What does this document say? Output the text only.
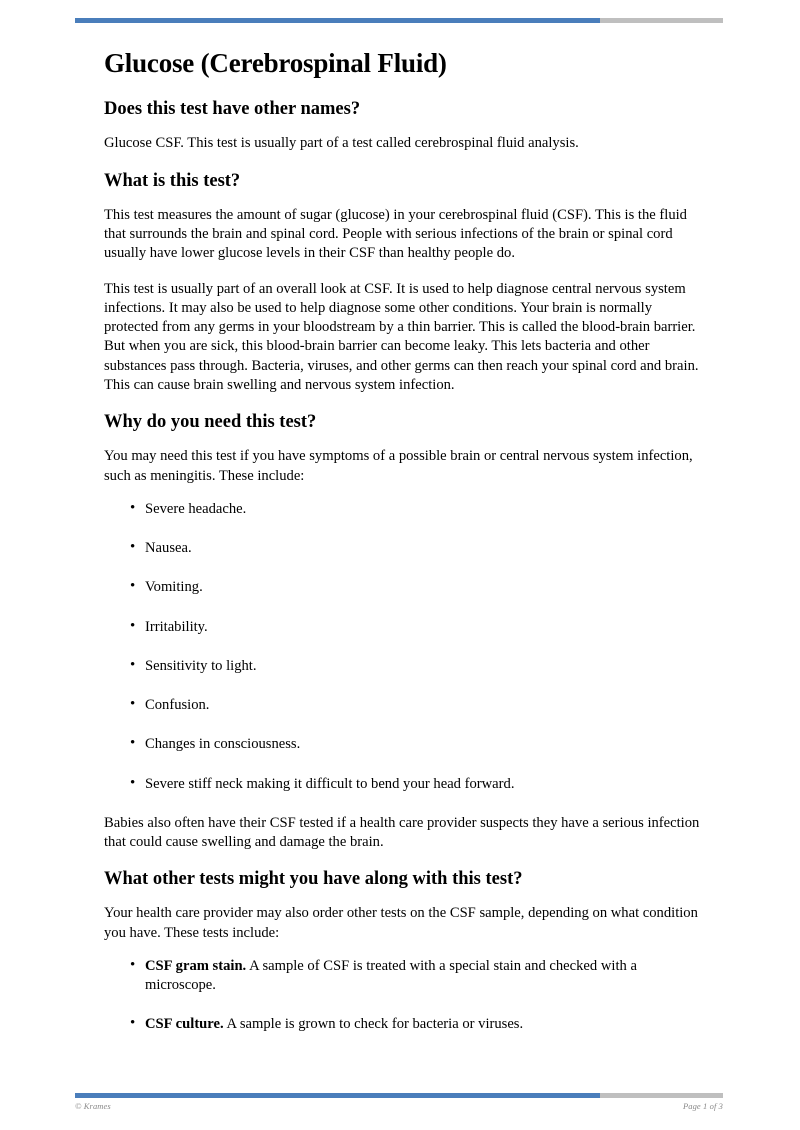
Glucose (Cerebrospinal Fluid)
Does this test have other names?

Glucose CSF. This test is usually part of a test called cerebrospinal fluid analysis.

What is this test?

This test measures the amount of sugar (glucose) in your cerebrospinal fluid (CSF). This is the fluid that surrounds the brain and spinal cord. People with serious infections of the brain or spinal cord usually have lower glucose levels in their CSF than healthy people do.

This test is usually part of an overall look at CSF. It is used to help diagnose central nervous system infections. It may also be used to help diagnose some other conditions. Your brain is normally protected from any germs in your bloodstream by a thin barrier. This is called the blood-brain barrier. But when you are sick, this blood-brain barrier can become leaky. This lets bacteria and other substances pass through. Bacteria, viruses, and other germs can then reach your spinal cord and brain. This can cause brain swelling and nervous system infection.

Why do you need this test?

You may need this test if you have symptoms of a possible brain or central nervous system infection, such as meningitis. These include:

• Severe headache.
• Nausea.
• Vomiting.
• Irritability.
• Sensitivity to light.
• Confusion.
• Changes in consciousness.
• Severe stiff neck making it difficult to bend your head forward.

Babies also often have their CSF tested if a health care provider suspects they have a serious infection that could cause swelling and damage the brain.

What other tests might you have along with this test?

Your health care provider may also order other tests on the CSF sample, depending on what condition you have. These tests include:

• CSF gram stain. A sample of CSF is treated with a special stain and checked with a microscope.
• CSF culture. A sample is grown to check for bacteria or viruses.
© Krames	Page 1 of 3
